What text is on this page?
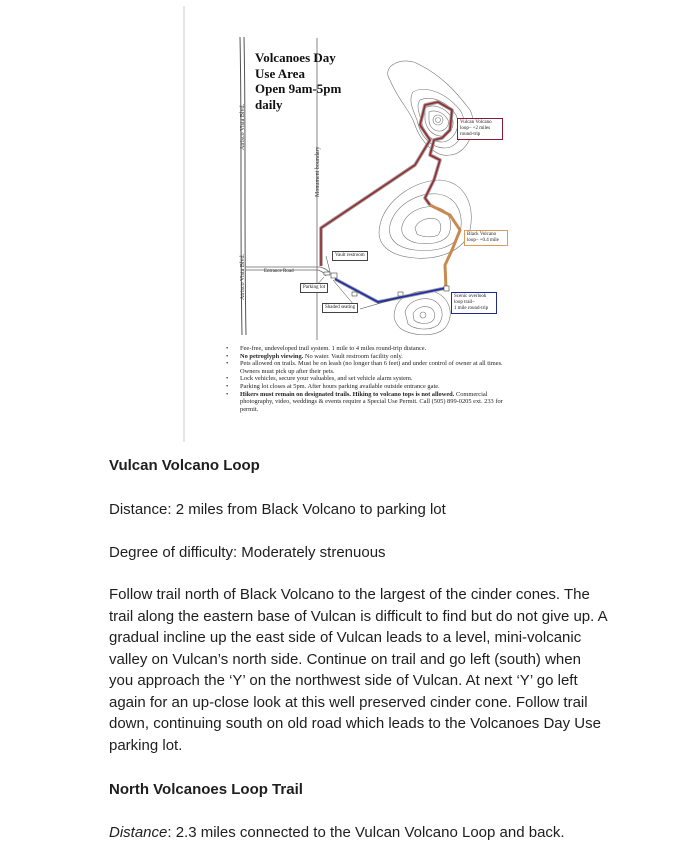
Volcanoes Day
Use Area
Open 9am-5pm
daily
Atrisco Vista Blvd.
Atrisco Vista Blvd.
Monument boundary
Entrance Road
Vault restroom
Parking lot
Shaded seating
Vulcan Volcano
loop– +2 miles
round-trip
Black Volcano
loop– +0.4 mile
Scenic overlook
loop trail–
1 mile round-trip
• Fee-free, undeveloped trail system. 1 mile to 4 miles round-trip distance.
• No petroglyph viewing. No water. Vault restroom facility only.
• Pets allowed on trails. Must be on leash (no longer than 6 feet) and under control of owner at all times. Owners must pick up after their pets.
• Lock vehicles, secure your valuables, and set vehicle alarm system.
• Parking lot closes at 5pm. After hours parking available outside entrance gate.
• Hikers must remain on designated trails. Hiking to volcano tops is not allowed. Commercial photography, video, weddings & events require a Special Use Permit. Call (505) 899-0205 ext. 233 for permit.
Vulcan Volcano Loop

Distance: 2 miles from Black Volcano to parking lot

Degree of difficulty: Moderately strenuous

Follow trail north of Black Volcano to the largest of the cinder cones. The trail along the eastern base of Vulcan is difficult to find but do not give up. A gradual incline up the east side of Vulcan leads to a level, mini-volcanic valley on Vulcan’s north side. Continue on trail and go left (south) when you approach the ‘Y’ on the northwest side of Vulcan. At next ‘Y’ go left again for an up-close look at this well preserved cinder cone. Follow trail down, continuing south on old road which leads to the Volcanoes Day Use parking lot.

North Volcanoes Loop Trail

Distance: 2.3 miles connected to the Vulcan Volcano Loop and back.
